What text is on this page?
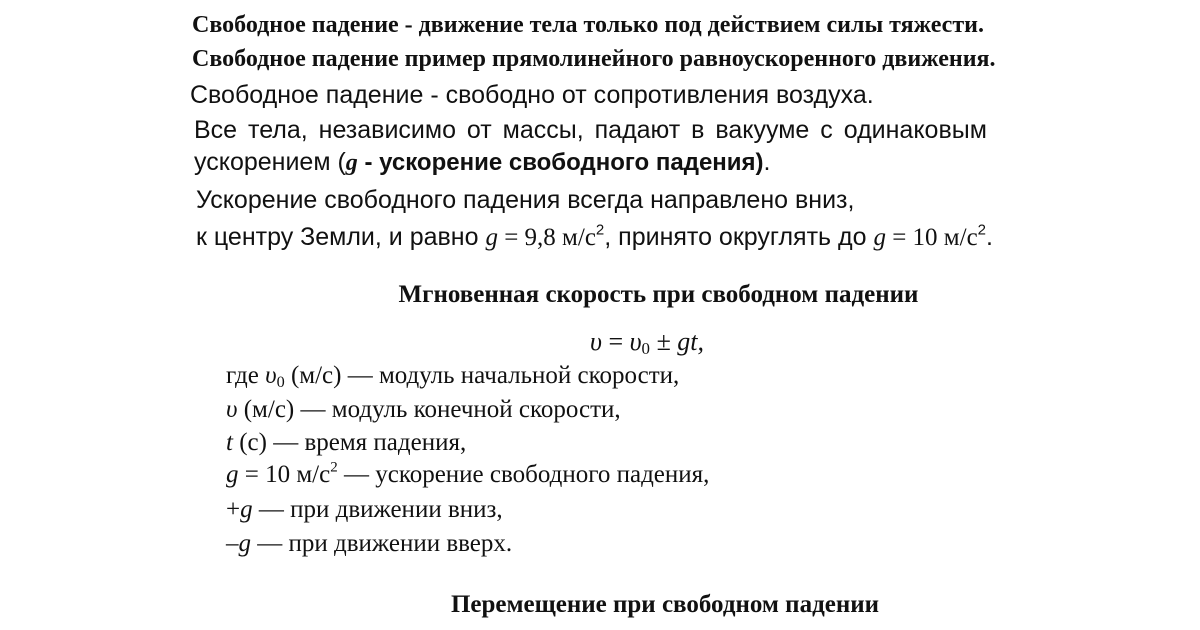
Свободное падение - движение тела только под действием силы тяжести.
Свободное падение пример прямолинейного равноускоренного движения.
Свободное падение - свободно от сопротивления воздуха.
Все тела, независимо от массы, падают в вакууме с одинаковым
ускорением (g - ускорение свободного падения).
Ускорение свободного падения всегда направлено вниз,
к центру Земли, и равно g = 9,8 $м/с^2$, принято округлять до g = 10 $м/с^2$.
Мгновенная скорость при свободном падении
$\upsilon = \upsilon_0$ ± gt,
где $\upsilon_0$ (м/с) — модуль начальной скорости,
υ (м/с) — модуль конечной скорости,
t (с) — время падения,
g = 10 $м/с^2$ — ускорение свободного падения,
+g — при движении вниз,
–g — при движении вверх.
Перемещение при свободном падении
